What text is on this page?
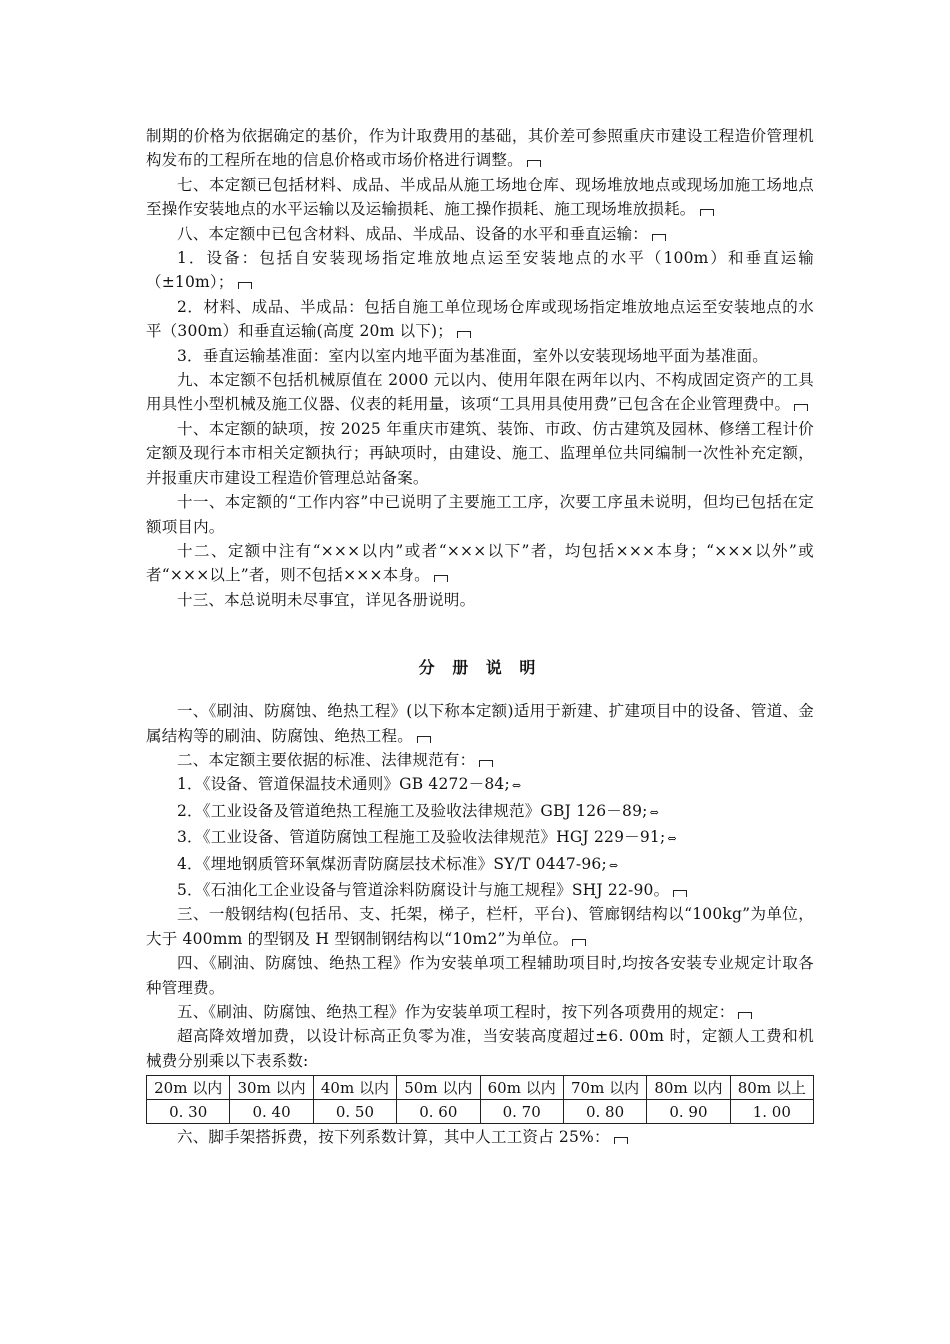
制期的价格为依据确定的基价，作为计取费用的基础，其价差可参照重庆市建设工程造价管理机构发布的工程所在地的信息价格或市场价格进行调整。

七、本定额已包括材料、成品、半成品从施工场地仓库、现场堆放地点或现场加施工场地点至操作安装地点的水平运输以及运输损耗、施工操作损耗、施工现场堆放损耗。

八、本定额中已包含材料、成品、半成品、设备的水平和垂直运输：

1．设备：包括自安装现场指定堆放地点运至安装地点的水平（100m）和垂直运输（±10m）；

2．材料、成品、半成品：包括自施工单位现场仓库或现场指定堆放地点运至安装地点的水平（300m）和垂直运输(高度 20m 以下)；

3．垂直运输基准面：室内以室内地平面为基准面，室外以安装现场地平面为基准面。

九、本定额不包括机械原值在 2000 元以内、使用年限在两年以内、不构成固定资产的工具用具性小型机械及施工仪器、仪表的耗用量，该项“工具用具使用费”已包含在企业管理费中。

十、本定额的缺项，按 2025 年重庆市建筑、装饰、市政、仿古建筑及园林、修缮工程计价定额及现行本市相关定额执行；再缺项时，由建设、施工、监理单位共同编制一次性补充定额，并报重庆市建设工程造价管理总站备案。

十一、本定额的“工作内容”中已说明了主要施工工序，次要工序虽未说明，但均已包括在定额项目内。

十二、定额中注有“×××以内”或者“×××以下”者，均包括×××本身；“×××以外”或者“×××以上”者，则不包括×××本身。

十三、本总说明未尽事宜，详见各册说明。

分 册 说 明

一、《刷油、防腐蚀、绝热工程》(以下称本定额)适用于新建、扩建项目中的设备、管道、金属结构等的刷油、防腐蚀、绝热工程。

二、本定额主要依据的标准、法律规范有：

1．《设备、管道保温技术通则》GB 4272－84; ⇔

2．《工业设备及管道绝热工程施工及验收法律规范》GBJ 126－89; ⇔

3．《工业设备、管道防腐蚀工程施工及验收法律规范》HGJ 229－91; ⇔

4．《埋地钢质管环氧煤沥青防腐层技术标准》SY/T 0447-96; ⇔

5．《石油化工企业设备与管道涂料防腐设计与施工规程》SHJ 22-90。

三、一般钢结构(包括吊、支、托架，梯子，栏杆，平台)、管廊钢结构以“100kg”为单位，大于 400mm 的型钢及 H 型钢制钢结构以“10m2”为单位。

四、《刷油、防腐蚀、绝热工程》作为安装单项工程辅助项目时,均按各安装专业规定计取各种管理费。

五、《刷油、防腐蚀、绝热工程》作为安装单项工程时，按下列各项费用的规定：

超高降效增加费，以设计标高正负零为准，当安装高度超过±6. 00m 时，定额人工费和机械费分别乘以下表系数:

20m 以内	30m 以内	40m 以内	50m 以内	60m 以内	70m 以内	80m 以内	80m 以上
0. 30	0. 40	0. 50	0. 60	0. 70	0. 80	0. 90	1. 00

六、脚手架搭拆费，按下列系数计算，其中人工工资占 25%：
